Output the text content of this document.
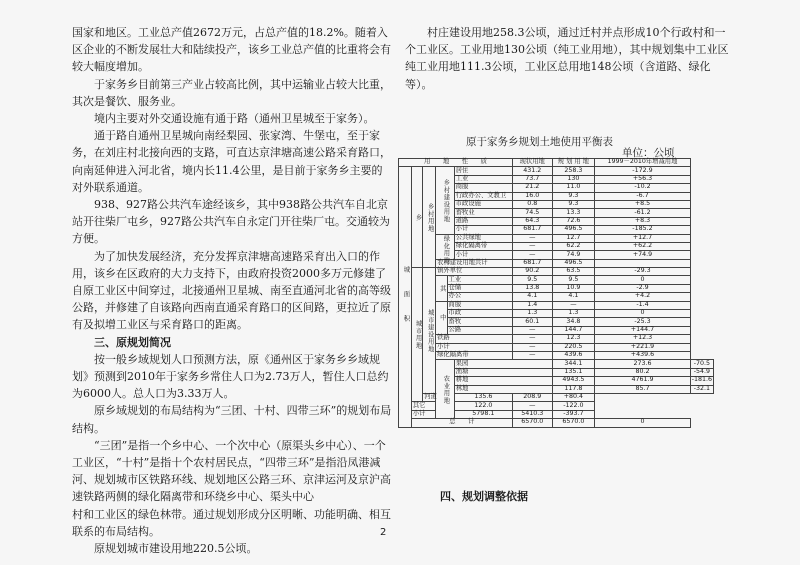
国家和地区。工业总产值2672万元，占总产值的18.2%。随着入区企业的不断发展壮大和陆续投产，该乡工业总产值的比重将会有较大幅度增加。

于家务乡目前第三产业占较高比例，其中运输业占较大比重，其次是餐饮、服务业。

境内主要对外交通设施有通于路（通州卫星城至于家务）。

通于路自通州卫星城向南经梨园、张家湾、牛堡屯，至于家务，在刘庄村北接向西的支路，可直达京津塘高速公路采育路口，向南延伸进入河北省，境内长11.4公里，是目前于家务乡主要的对外联系通道。

938、927路公共汽车途经该乡，其中938路公共汽车自北京站开往柴厂屯乡，927路公共汽车自永定门开往柴厂屯。交通较为方便。

为了加快发展经济，充分发挥京津塘高速路采育出入口的作用，该乡在区政府的大力支持下，由政府投资2000多万元修建了自原工业区中间穿过，北接通州卫星城、南至直通河北省的高等级公路，并修建了自该路向西南直通采育路口的区间路，更拉近了原有及拟增工业区与采育路口的距离。

三、原规划简况

按一般乡域规划人口预测方法，原《通州区于家务乡乡域规划》预测到2010年于家务乡常住人口为2.73万人，暂住人口总约为6000人。总人口为3.33万人。

原乡域规划的布局结构为“三团、十村、四带三环”的规划布局结构。

“三团”是指一个乡中心、一个次中心（原渠头乡中心）、一个工业区，“十村”是指十个农村居民点，“四带三环”是指沿凤港减河、规划城市区铁路环线、规划地区公路三环、京津运河及京沪高速铁路两侧的绿化隔离带和环绕乡中心、渠头中心

村和工业区的绿色林带。通过规划形成分区明晰、功能明确、相互联系的布局结构。

原规划城市建设用地220.5公顷。

村庄建设用地258.3公顷，通过迁村并点形成10个行政村和一个工业区。工业用地130公顷（纯工业用地），其中规划集中工业区纯工业用地111.3公顷，工业区总用地148公顷（含道路、绿化等）。

原于家务乡规划土地使用平衡表
单位：公顷
用　　地　　性　　质						现状用地	规 划 用 地	1999－2010年增减用地	
城　面　积	乡	乡村用地	乡村建设用地		居住	431.2	258.3	-172.9	
					工业	73.7	130	+56.3	
					商服	21.2	11.0	-10.2	
					行政办公、文教卫	16.0	9.3	-6.7	
					市政设施	0.8	9.3	+8.5	
					畜牧业	74.5	13.3	-61.2	
					道路	64.3	72.6	+8.3	
					小计	681.7	496.5	-185.2	
			绿化用地		公共绿地	—	12.7	+12.7	
					绿化隔离带	—	62.2	+62.2	
					小计	—	74.9	+74.9	
			农村建设用地共计			681.7	496.5		
	城市用地	城市建设用地	镇外单位			90.2	63.5	-29.3	
			其	工业		9.5	9.5	0	
				仓储		13.8	10.9	-2.9	
				办公		4.1	4.1	+4.2	
			中	商服		1.4	—	-1.4	
				市政		1.3	1.3	0	
				畜牧		60.1	34.8	-25.3	
				公路		—	144.7	+144.7	
			铁路			—	12.3	+12.3	
			小计			—	220.5	+221.9	
			绿化隔离带			—	439.6	+439.6	
			农业用地		果园		344.1	273.6	-70.5
					渔塘		135.1	80.2	-54.9
					耕地		4943.5	4761.9	-181.6
					林地		117.8	85.7	-32.1
		河道			135.6	208.9	+80.4		
	其它				122.0	—	-122.0		
	小计				5798.1	5410.3	-393.7		
	总　　计					6570.0	6570.0	0	
四、规划调整依据
2
